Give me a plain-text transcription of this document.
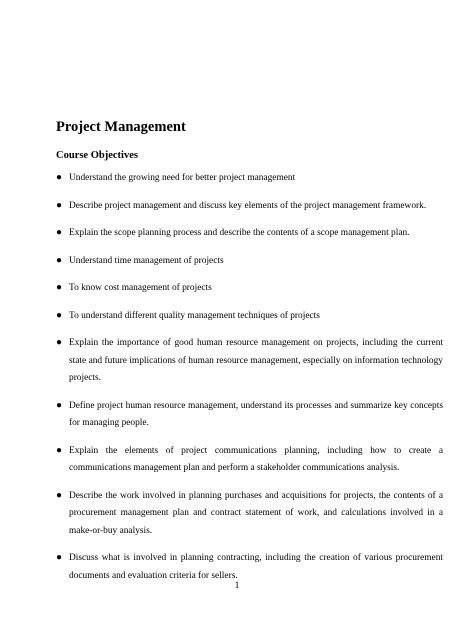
Project Management
Course Objectives
● Understand the growing need for better project management
● Describe project management and discuss key elements of the project management framework.
● Explain the scope planning process and describe the contents of a scope management plan.
● Understand time management of projects
● To know cost management of projects
● To understand different quality management techniques of projects
● Explain the importance of good human resource management on projects, including the current state and future implications of human resource management, especially on information technology projects.
● Define project human resource management, understand its processes and summarize key concepts for managing people.
● Explain the elements of project communications planning, including how to create a communications management plan and perform a stakeholder communications analysis.
● Describe the work involved in planning purchases and acquisitions for projects, the contents of a procurement management plan and contract statement of work, and calculations involved in a make-or-buy analysis.
● Discuss what is involved in planning contracting, including the creation of various procurement documents and evaluation criteria for sellers.
1
